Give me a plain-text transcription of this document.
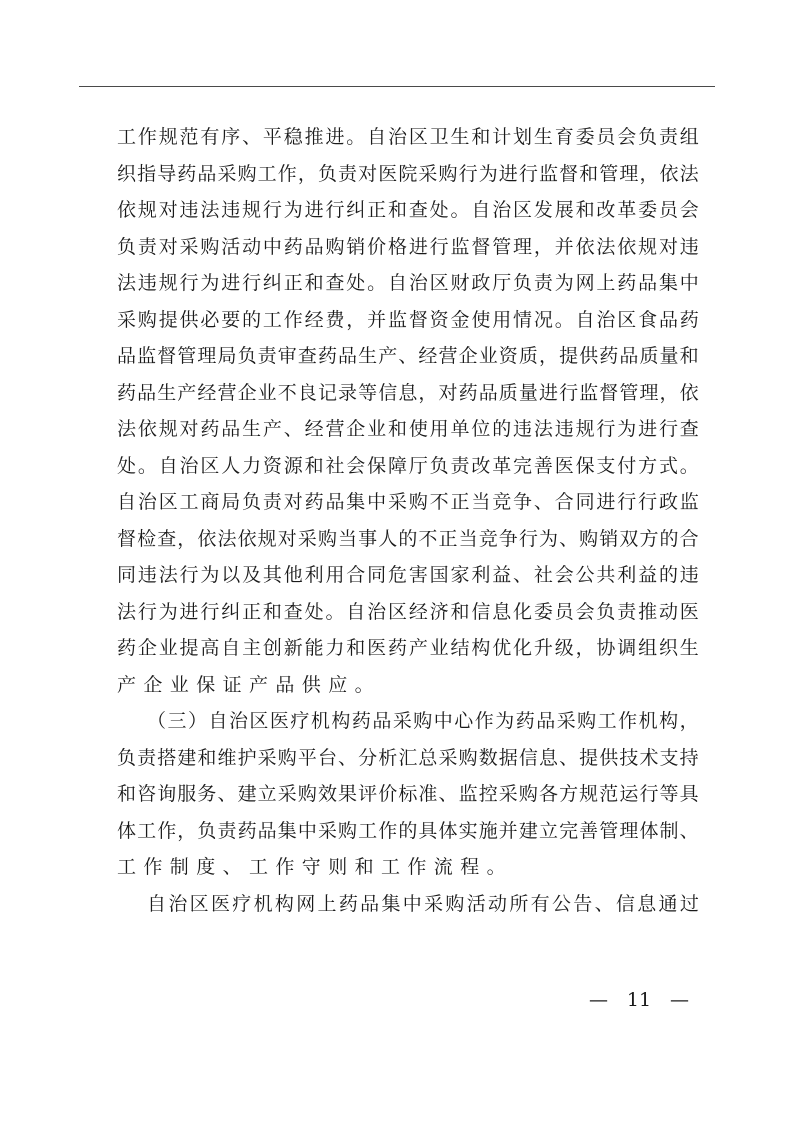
工 作 规 范 有 序 、 平 稳 推 进 。 自 治 区 卫 生 和 计 划 生 育 委 员 会 负 责 组
织 指 导 药 品 采 购 工 作 ， 负 责 对 医 院 采 购 行 为 进 行 监 督 和 管 理 ， 依 法
依 规 对 违 法 违 规 行 为 进 行 纠 正 和 查 处 。 自 治 区 发 展 和 改 革 委 员 会
负 责 对 采 购 活 动 中 药 品 购 销 价 格 进 行 监 督 管 理 ， 并 依 法 依 规 对 违
法 违 规 行 为 进 行 纠 正 和 查 处 。 自 治 区 财 政 厅 负 责 为 网 上 药 品 集 中
采 购 提 供 必 要 的 工 作 经 费 ， 并 监 督 资 金 使 用 情 况 。 自 治 区 食 品 药
品 监 督 管 理 局 负 责 审 查 药 品 生 产 、 经 营 企 业 资 质 ， 提 供 药 品 质 量 和
药 品 生 产 经 营 企 业 不 良 记 录 等 信 息 ， 对 药 品 质 量 进 行 监 督 管 理 ， 依
法 依 规 对 药 品 生 产 、 经 营 企 业 和 使 用 单 位 的 违 法 违 规 行 为 进 行 查
处 。 自 治 区 人 力 资 源 和 社 会 保 障 厅 负 责 改 革 完 善 医 保 支 付 方 式 。
自 治 区 工 商 局 负 责 对 药 品 集 中 采 购 不 正 当 竞 争 、 合 同 进 行 行 政 监
督 检 查 ， 依 法 依 规 对 采 购 当 事 人 的 不 正 当 竞 争 行 为 、 购 销 双 方 的 合
同 违 法 行 为 以 及 其 他 利 用 合 同 危 害 国 家 利 益 、 社 会 公 共 利 益 的 违
法 行 为 进 行 纠 正 和 查 处 。 自 治 区 经 济 和 信 息 化 委 员 会 负 责 推 动 医
药 企 业 提 高 自 主 创 新 能 力 和 医 药 产 业 结 构 优 化 升 级 ， 协 调 组 织 生
产企业保证产品供应。
（ 三 ） 自 治 区 医 疗 机 构 药 品 采 购 中 心 作 为 药 品 采 购 工 作 机 构 ，
负 责 搭 建 和 维 护 采 购 平 台 、 分 析 汇 总 采 购 数 据 信 息 、 提 供 技 术 支 持
和 咨 询 服 务 、 建 立 采 购 效 果 评 价 标 准 、 监 控 采 购 各 方 规 范 运 行 等 具
体 工 作 ， 负 责 药 品 集 中 采 购 工 作 的 具 体 实 施 并 建 立 完 善 管 理 体 制 、
工作制度、工作守则和工作流程。
自 治 区 医 疗 机 构 网 上 药 品 集 中 采 购 活 动 所 有 公 告 、 信 息 通 过
— 11 —
